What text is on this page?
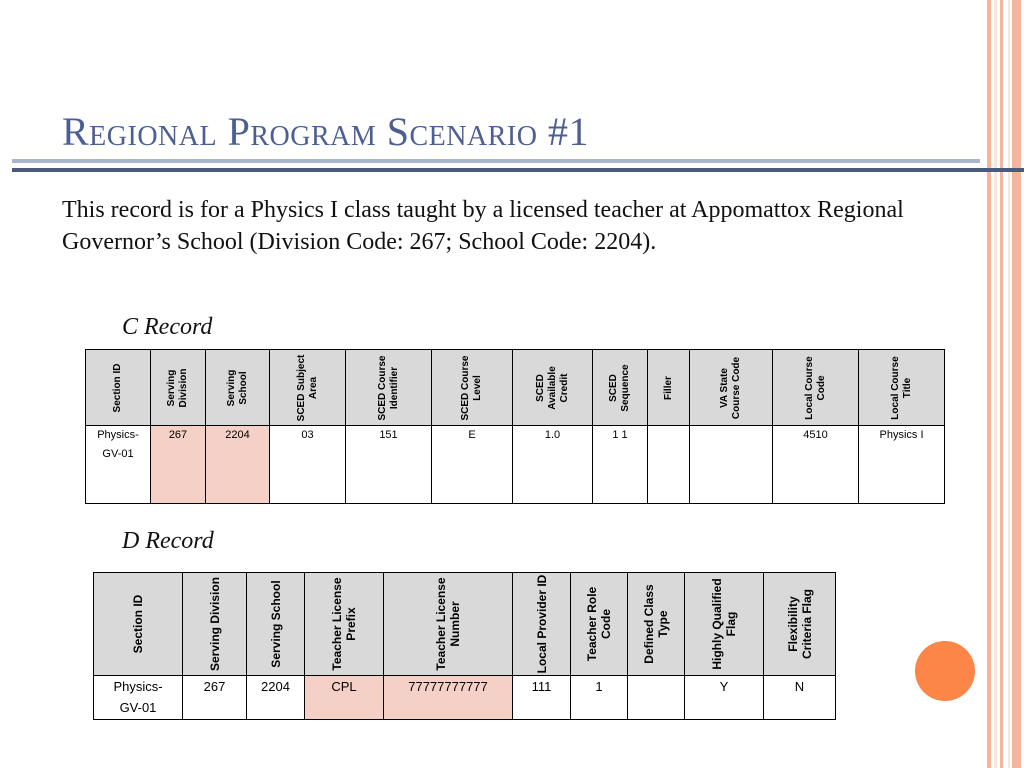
Regional Program Scenario #1

This record is for a Physics I class taught by a licensed teacher at Appomattox Regional Governor’s School (Division Code: 267; School Code: 2204).

C Record
Section ID	Serving Division	Serving School	SCED Subject Area	SCED Course Identifier	SCED Course Level	SCED Available Credit	SCED Sequence	Filler	VA State Course Code	Local Course Code	Local Course Title

Physics-GV-01	267	2204	03	151	E	1.0	1 1			4510	Physics I
D Record
Section ID	Serving Division	Serving School	Teacher License Prefix	Teacher License Number	Local Provider ID	Teacher Role Code	Defined Class Type	Highly Qualified Flag	Flexibility Criteria Flag

Physics-GV-01	267	2204	CPL	77777777777	111	1		Y	N
